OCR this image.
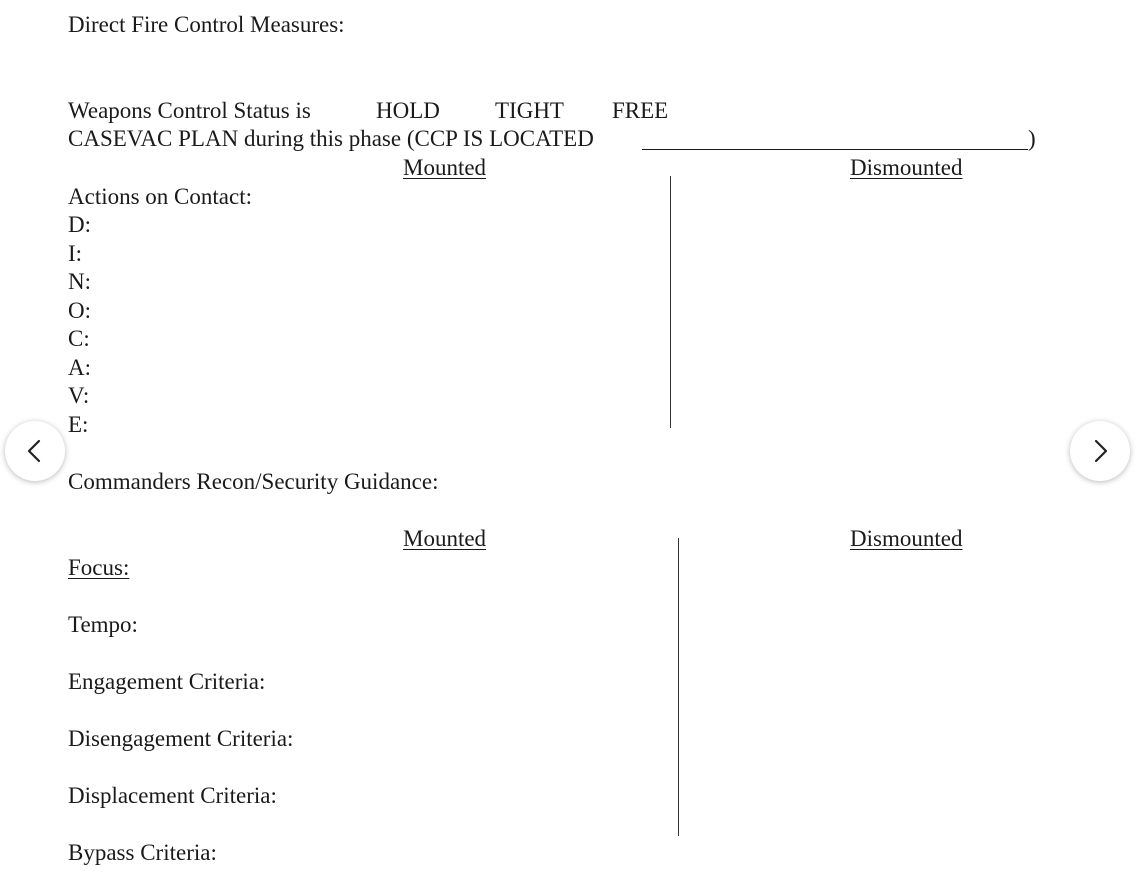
Direct Fire Control Measures:
Weapons Control Status is	HOLD TIGHT FREE
CASEVAC PLAN during this phase (CCP IS LOCATED	)
Mounted	Dismounted
Actions on Contact:
D:
I:
N:
O:
C:
A:
V:
E:
Commanders Recon/Security Guidance:
Mounted	Dismounted
Focus:
Tempo:
Engagement Criteria:
Disengagement Criteria:
Displacement Criteria:
Bypass Criteria:
